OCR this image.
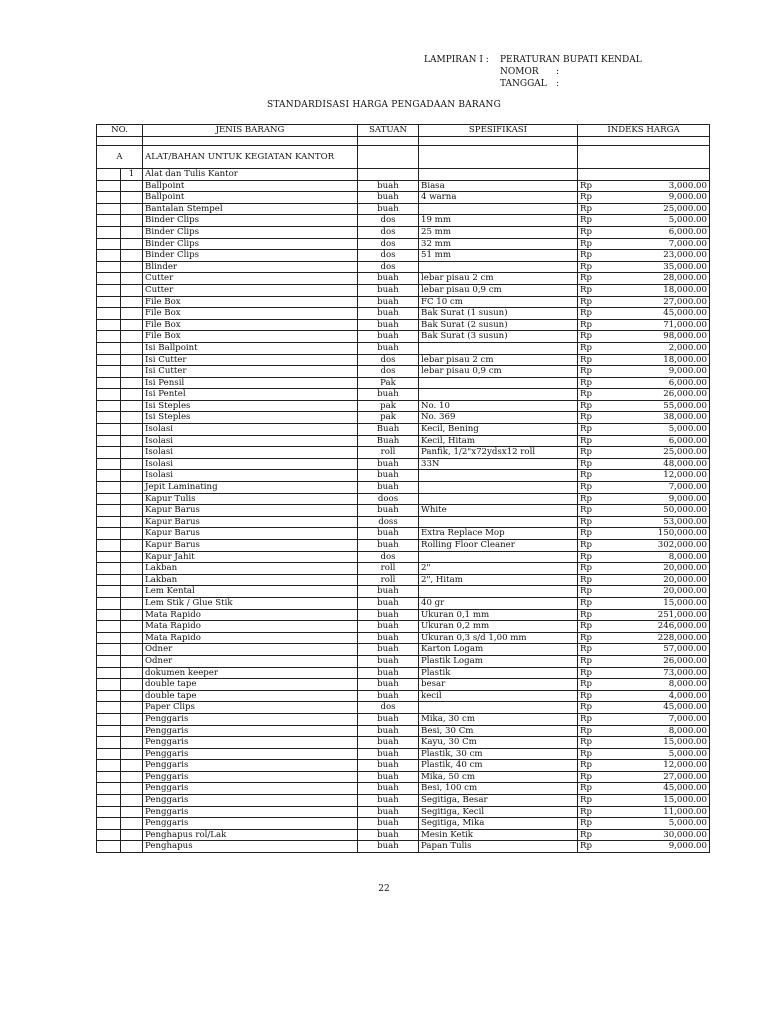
LAMPIRAN I : PERATURAN BUPATI KENDAL
NOMOR :
TANGGAL :
STANDARDISASI HARGA PENGADAAN BARANG
NO.		JENIS BARANG	SATUAN	SPESIFIKASI	INDEKS HARGA

A		ALAT/BAHAN UNTUK KEGIATAN KANTOR			
	1	Alat dan Tulis Kantor			
		Ballpoint	buah	Biasa	Rp 3,000.00

		Ballpoint	buah	4 warna	Rp 9,000.00

		Bantalan Stempel	buah		Rp 25,000.00

		Binder Clips	dos	19 mm	Rp 5,000.00

		Binder Clips	dos	25 mm	Rp 6,000.00

		Binder Clips	dos	32 mm	Rp 7,000.00

		Binder Clips	dos	51 mm	Rp 23,000.00

		Blinder	dos		Rp 35,000.00

		Cutter	buah	lebar pisau 2 cm	Rp 28,000.00

		Cutter	buah	lebar pisau 0,9 cm	Rp 18,000.00

		File Box	buah	FC 10 cm	Rp 27,000.00

		File Box	buah	Bak Surat (1 susun)	Rp 45,000.00

		File Box	buah	Bak Surat (2 susun)	Rp 71,000.00

		File Box	buah	Bak Surat (3 susun)	Rp 98,000.00

		Isi Ballpoint	buah		Rp 2,000.00

		Isi Cutter	dos	lebar pisau 2 cm	Rp 18,000.00

		Isi Cutter	dos	lebar pisau 0,9 cm	Rp 9,000.00

		Isi Pensil	Pak		Rp 6,000.00

		Isi Pentel	buah		Rp 26,000.00

		Isi Steples	pak	No. 10	Rp 55,000.00

		Isi Steples	pak	No. 369	Rp 38,000.00

		Isolasi	Buah	Kecil, Bening	Rp 5,000.00

		Isolasi	Buah	Kecil, Hitam	Rp 6,000.00

		Isolasi	roll	Panfik, 1/2"x72ydsx12 roll	Rp 25,000.00

		Isolasi	buah	33N	Rp 48,000.00

		Isolasi	buah		Rp 12,000.00

		Jepit Laminating	buah		Rp 7,000.00

		Kapur Tulis	doos		Rp 9,000.00

		Kapur Barus	buah	White	Rp 50,000.00

		Kapur Barus	doss		Rp 53,000.00

		Kapur Barus	buah	Extra Replace Mop	Rp 150,000.00

		Kapur Barus	buah	Rolling Floor Cleaner	Rp 302,000.00

		Kapur Jahit	dos		Rp 8,000.00

		Lakban	roll	2"	Rp 20,000.00

		Lakban	roll	2", Hitam	Rp 20,000.00

		Lem Kental	buah		Rp 20,000.00

		Lem Stik / Glue Stik	buah	40 gr	Rp 15,000.00

		Mata Rapido	buah	Ukuran 0,1 mm	Rp 251,000.00

		Mata Rapido	buah	Ukuran 0,2 mm	Rp 246,000.00

		Mata Rapido	buah	Ukuran 0,3 s/d 1,00 mm	Rp 228,000.00

		Odner	buah	Karton Logam	Rp 57,000.00

		Odner	buah	Plastik Logam	Rp 26,000.00

		dokumen keeper	buah	Plastik	Rp 73,000.00

		double tape	buah	besar	Rp 8,000.00

		double tape	buah	kecil	Rp 4,000.00

		Paper Clips	dos		Rp 45,000.00

		Penggaris	buah	Mika, 30 cm	Rp 7,000.00

		Penggaris	buah	Besi, 30 Cm	Rp 8,000.00

		Penggaris	buah	Kayu, 30 Cm	Rp 15,000.00

		Penggaris	buah	Plastik, 30 cm	Rp 5,000.00

		Penggaris	buah	Plastik, 40 cm	Rp 12,000.00

		Penggaris	buah	Mika, 50 cm	Rp 27,000.00

		Penggaris	buah	Besi, 100 cm	Rp 45,000.00

		Penggaris	buah	Segitiga, Besar	Rp 15,000.00

		Penggaris	buah	Segitiga, Kecil	Rp 11,000.00

		Penggaris	buah	Segitiga, Mika	Rp 5,000.00

		Penghapus rol/Lak	buah	Mesin Ketik	Rp 30,000.00

		Penghapus	buah	Papan Tulis	Rp 9,000.00
22
